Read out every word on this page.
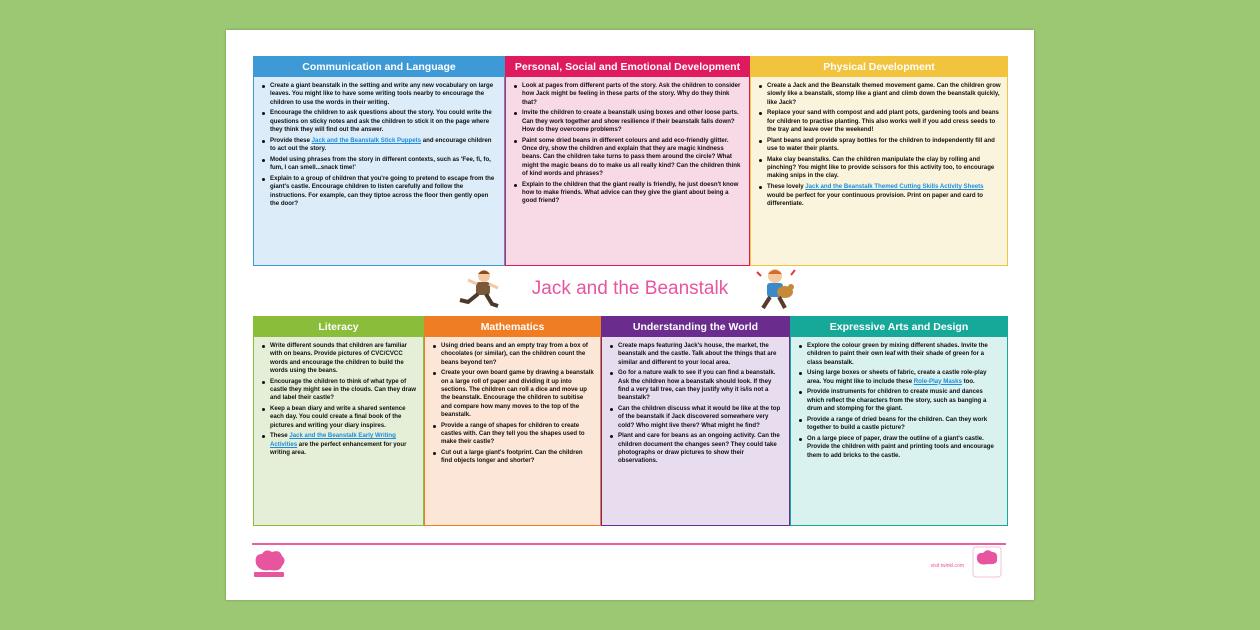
Communication and Language
Create a giant beanstalk in the setting and write any new vocabulary on large leaves. You might like to have some writing tools nearby to encourage the children to use the words in their writing.
Encourage the children to ask questions about the story. You could write the questions on sticky notes and ask the children to stick it on the page where they think they will find out the answer.
Provide these Jack and the Beanstalk Stick Puppets and encourage children to act out the story.
Model using phrases from the story in different contexts, such as 'Fee, fi, fo, fum, I can smell...snack time!'
Explain to a group of children that you're going to pretend to escape from the giant's castle. Encourage children to listen carefully and follow the instructions. For example, can they tiptoe across the floor then gently open the door?
Personal, Social and Emotional Development
Look at pages from different parts of the story. Ask the children to consider how Jack might be feeling in these parts of the story. Why do they think that?
Invite the children to create a beanstalk using boxes and other loose parts. Can they work together and show resilience if their beanstalk falls down? How do they overcome problems?
Paint some dried beans in different colours and add eco-friendly glitter. Once dry, show the children and explain that they are magic kindness beans. Can the children take turns to pass them around the circle? What might the magic beans do to make us all really kind? Can the children think of kind words and phrases?
Explain to the children that the giant really is friendly, he just doesn't know how to make friends. What advice can they give the giant about being a good friend?
Physical Development
Create a Jack and the Beanstalk themed movement game. Can the children grow slowly like a beanstalk, stomp like a giant and climb down the beanstalk quickly, like Jack?
Replace your sand with compost and add plant pots, gardening tools and beans for children to practise planting. This also works well if you add cress seeds to the tray and leave over the weekend!
Plant beans and provide spray bottles for the children to independently fill and use to water their plants.
Make clay beanstalks. Can the children manipulate the clay by rolling and pinching? You might like to provide scissors for this activity too, to encourage making snips in the clay.
These lovely Jack and the Beanstalk Themed Cutting Skills Activity Sheets would be perfect for your continuous provision. Print on paper and card to differentiate.
Literacy
Write different sounds that children are familiar with on beans. Provide pictures of CVC/CVCC words and encourage the children to build the words using the beans.
Encourage the children to think of what type of castle they might see in the clouds. Can they draw and label their castle?
Keep a bean diary and write a shared sentence each day. You could create a final book of the pictures and writing your diary inspires.
These Jack and the Beanstalk Early Writing Activities are the perfect enhancement for your writing area.
Mathematics
Using dried beans and an empty tray from a box of chocolates (or similar), can the children count the beans beyond ten?
Create your own board game by drawing a beanstalk on a large roll of paper and dividing it up into sections. The children can roll a dice and move up the beanstalk. Encourage the children to subitise and compare how many moves to the top of the beanstalk.
Provide a range of shapes for children to create castles with. Can they tell you the shapes used to make their castle?
Cut out a large giant's footprint. Can the children find objects longer and shorter?
Understanding the World
Create maps featuring Jack's house, the market, the beanstalk and the castle. Talk about the things that are similar and different to your local area.
Go for a nature walk to see if you can find a beanstalk. Ask the children how a beanstalk should look. If they find a very tall tree, can they justify why it is/is not a beanstalk?
Can the children discuss what it would be like at the top of the beanstalk if Jack discovered somewhere very cold? Who might live there? What might he find?
Plant and care for beans as an ongoing activity. Can the children document the changes seen? They could take photographs or draw pictures to show their observations.
Expressive Arts and Design
Explore the colour green by mixing different shades. Invite the children to paint their own leaf with their shade of green for a class beanstalk.
Using large boxes or sheets of fabric, create a castle role-play area. You might like to include these Role-Play Masks too.
Provide instruments for children to create music and dances which reflect the characters from the story, such as banging a drum and stomping for the giant.
Provide a range of dried beans for the children. Can they work together to build a castle picture?
On a large piece of paper, draw the outline of a giant's castle. Provide the children with paint and printing tools and encourage them to add bricks to the castle.
Jack and the Beanstalk
visit twinkl.com
